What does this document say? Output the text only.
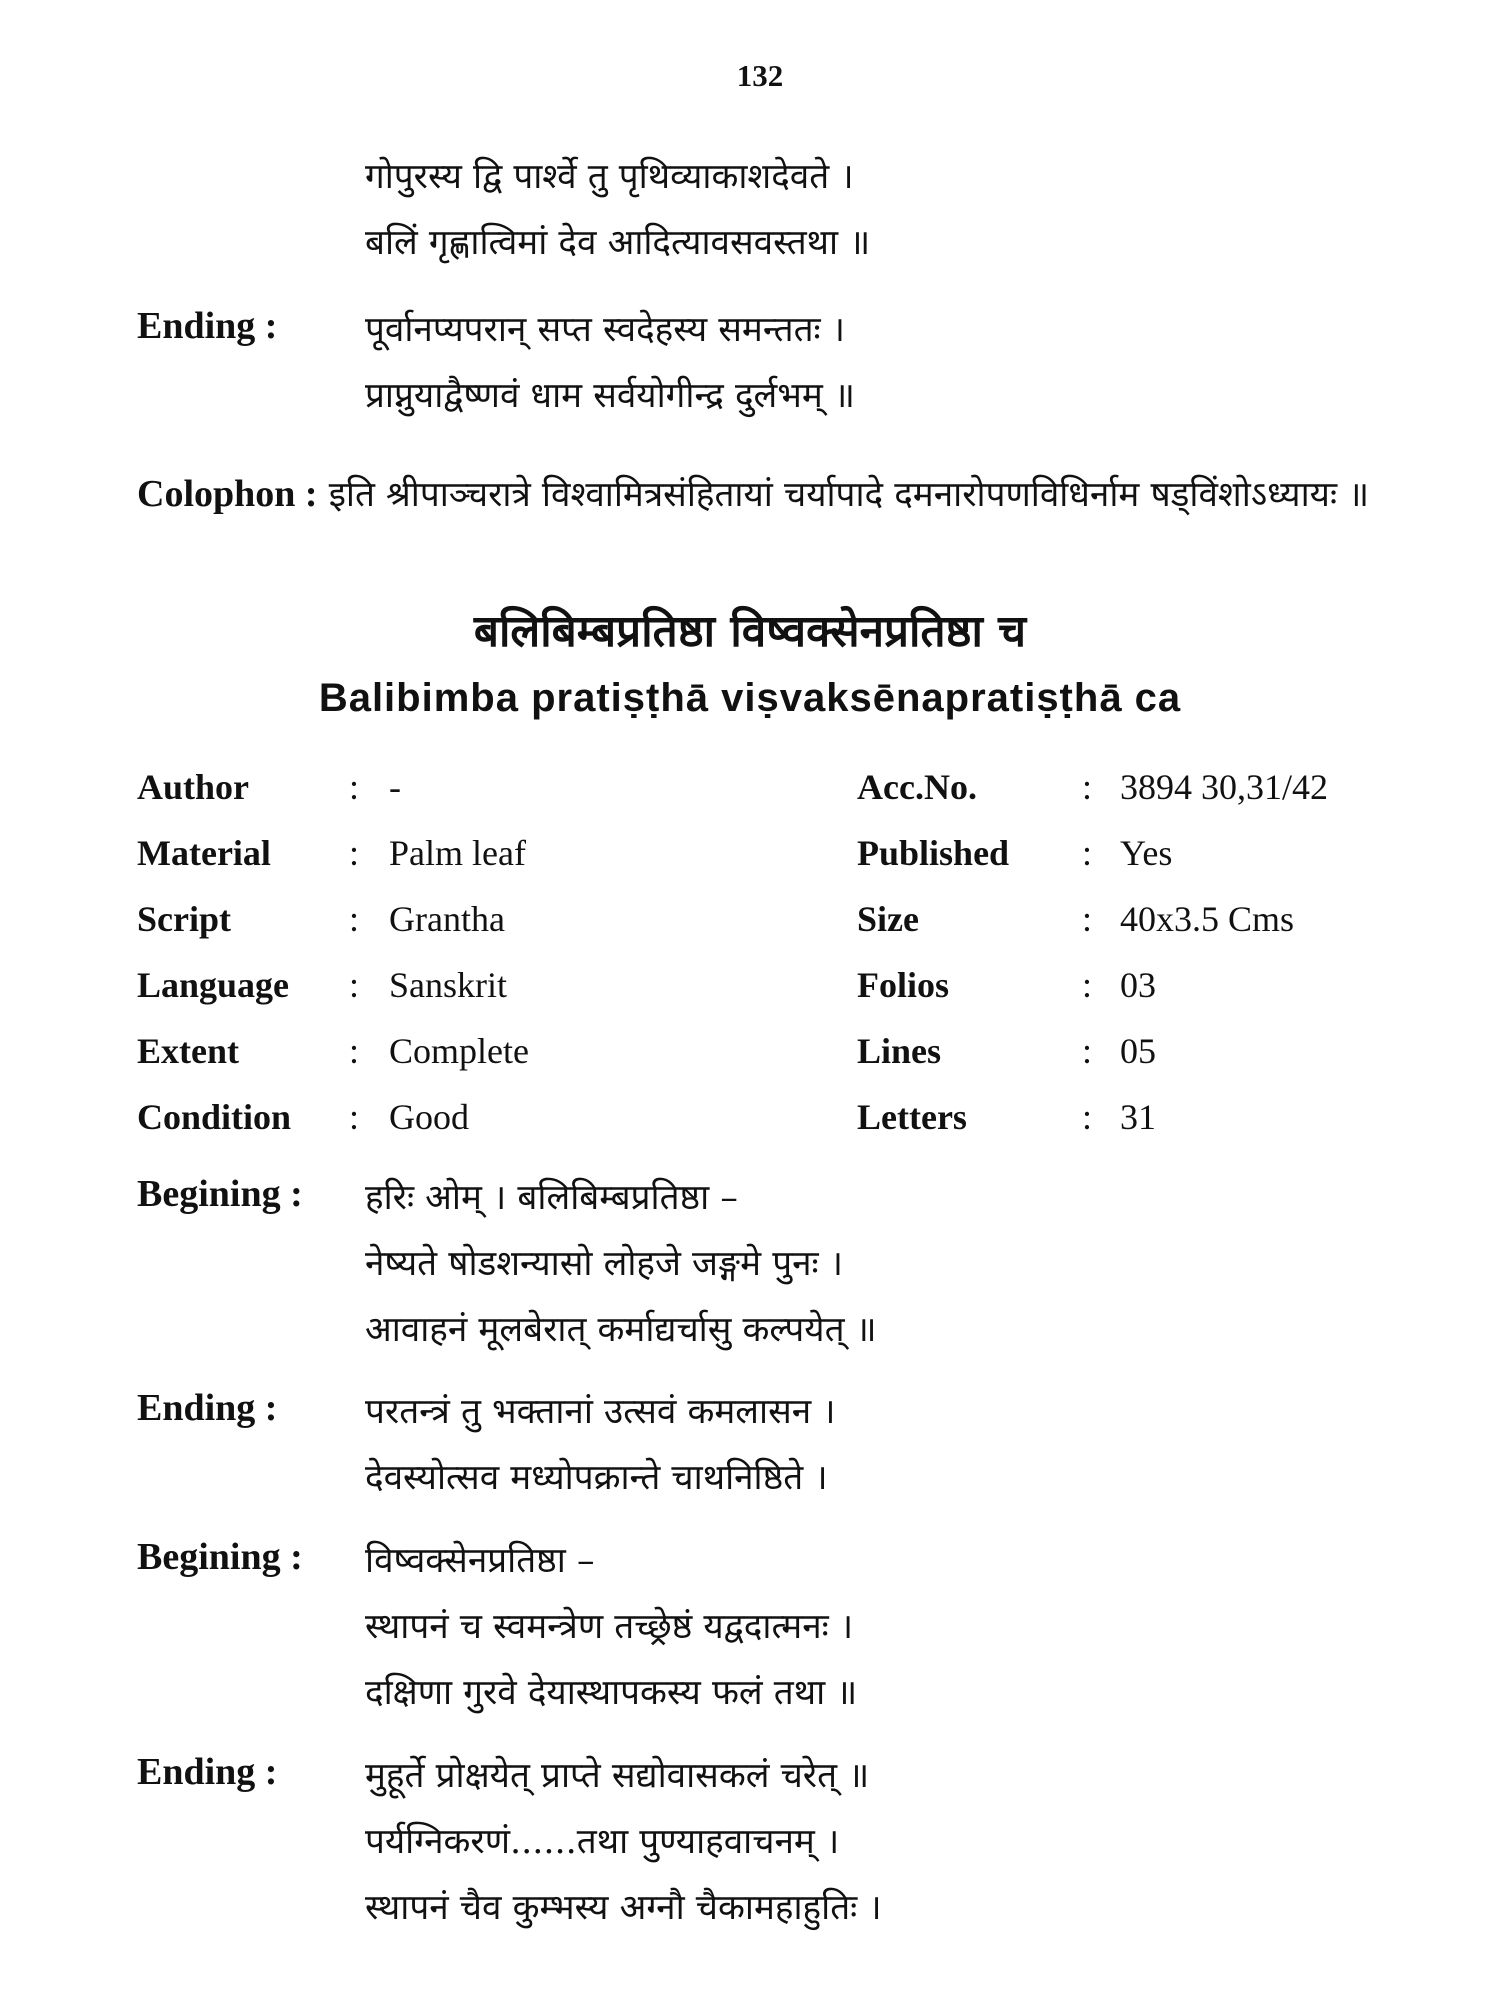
132
गोपुरस्य द्वि पार्श्वे तु पृथिव्याकाशदेवते ।
बलिं गृह्णात्विमां देव आदित्यावसवस्तथा ॥
Ending :	पूर्वानप्यपरान् सप्त स्वदेहस्य समन्ततः ।
प्राप्नुयाद्वैष्णवं धाम सर्वयोगीन्द्र दुर्लभम् ॥
Colophon : इति श्रीपाञ्चरात्रे विश्वामित्रसंहितायां चर्यापादे दमनारोपणविधिर्नाम षड्विंशोऽध्यायः ॥
बलिबिम्बप्रतिष्ठा विष्वक्सेनप्रतिष्ठा च
Balibimba pratiṣṭhā viṣvaksēnapratiṣṭhā ca
Author	: -	Acc.No.	: 3894 30,31/42
Material : Palm leaf	Published : Yes
Script	: Grantha	Size	: 40x3.5 Cms
Language : Sanskrit	Folios	: 03
Extent	: Complete	Lines	: 05
Condition : Good	Letters	: 31
Begining : हरिः ओम् । बलिबिम्बप्रतिष्ठा –
नेष्यते षोडशन्यासो लोहजे जङ्गमे पुनः ।
आवाहनं मूलबेरात् कर्माद्यर्चासु कल्पयेत् ॥
Ending :	परतन्त्रं तु भक्तानां उत्सवं कमलासन ।
देवस्योत्सव मध्योपक्रान्ते चाथनिष्ठिते ।
Begining : विष्वक्सेनप्रतिष्ठा –
स्थापनं च स्वमन्त्रेण तच्छ्रेष्ठं यद्वदात्मनः ।
दक्षिणा गुरवे देयास्थापकस्य फलं तथा ॥
Ending :	मुहूर्ते प्रोक्षयेत् प्राप्ते सद्योवासकलं चरेत् ॥
पर्यग्निकरणं......तथा पुण्याहवाचनम् ।
स्थापनं चैव कुम्भस्य अग्नौ चैकामहाहुतिः ।
